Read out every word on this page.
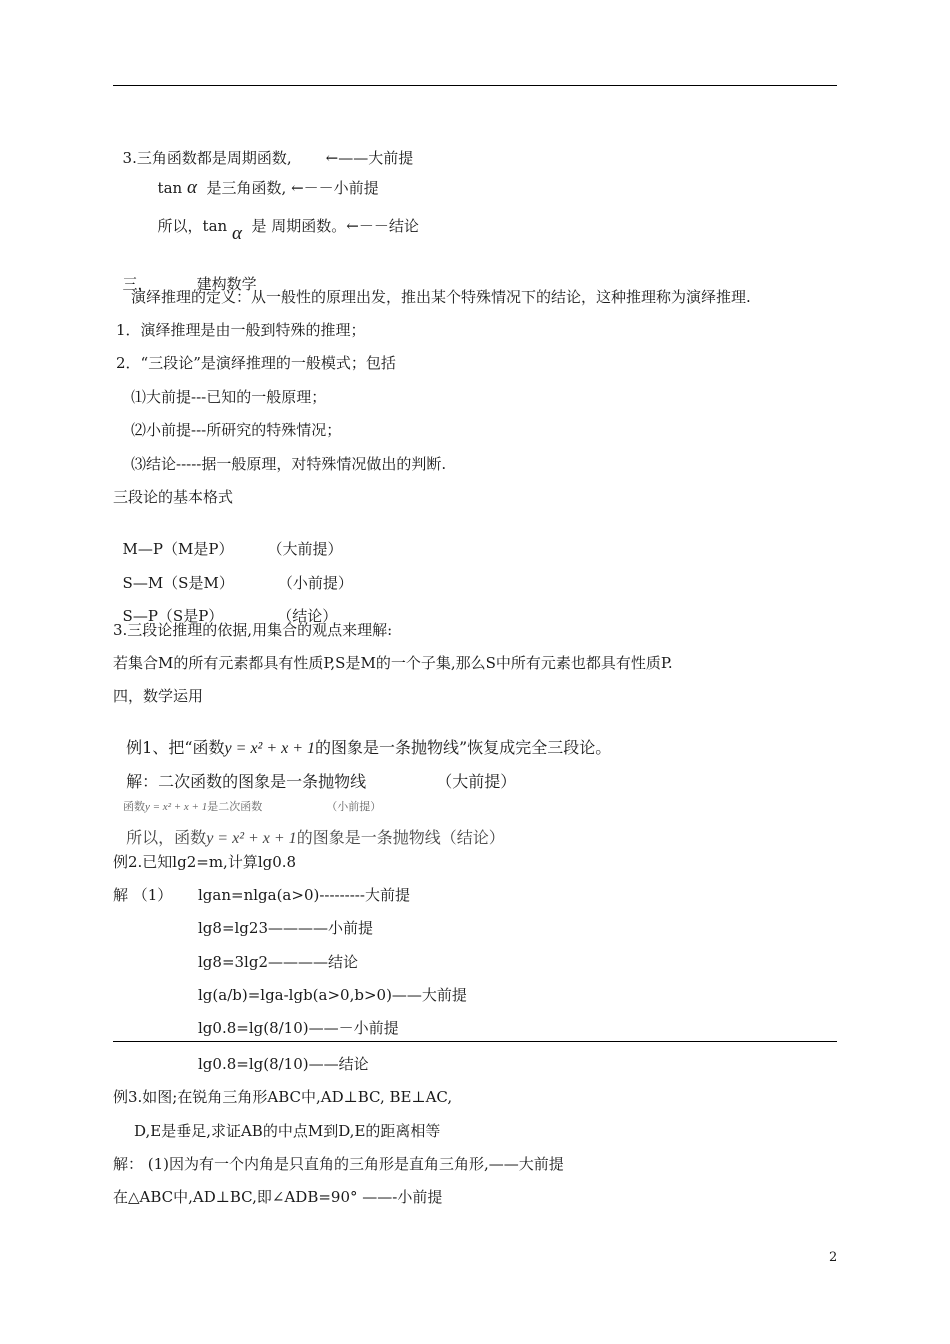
3.三角函数都是周期函数, ←——大前提

tan α 是三角函数, ←－－小前提

所以，tan α 是 周期函数。←－－结论

三，	建构数学

演绎推理的定义：从一般性的原理出发，推出某个特殊情况下的结论，这种推理称为演绎推理.
1．演绎推理是由一般到特殊的推理；
2．“三段论”是演绎推理的一般模式；包括
⑴大前提---已知的一般原理；
⑵小前提---所研究的特殊情况；
⑶结论-----据一般原理，对特殊情况做出的判断.
三段论的基本格式

M—P（M是P） （大前提）

S—M（S是M）	（小前提）

S—P（S是P）	（结论）

3.三段论推理的依据,用集合的观点来理解:
若集合M的所有元素都具有性质P,S是M的一个子集,那么S中所有元素也都具有性质P.
四，数学运用

例1、把“函数y = x² + x + 1的图象是一条抛物线”恢复成完全三段论。

解：二次函数的图象是一条抛物线	（大前提）

函数y = x² + x + 1是二次函数	（小前提）

所以，函数y = x² + x + 1的图象是一条抛物线（结论）

例2.已知lg2=m,计算lg0.8
解 （1） lgan=nlga(a>0)---------大前提
lg8=lg23————小前提
lg8=3lg2————结论
lg(a/b)=lga-lgb(a>0,b>0)——大前提
lg0.8=lg(8/10)——－小前提
lg0.8=lg(8/10)——结论
例3.如图;在锐角三角形ABC中,AD⊥BC, BE⊥AC,
D,E是垂足,求证AB的中点M到D,E的距离相等
解： (1)因为有一个内角是只直角的三角形是直角三角形,——大前提
在△ABC中,AD⊥BC,即∠ADB=90° ——-小前提
2
